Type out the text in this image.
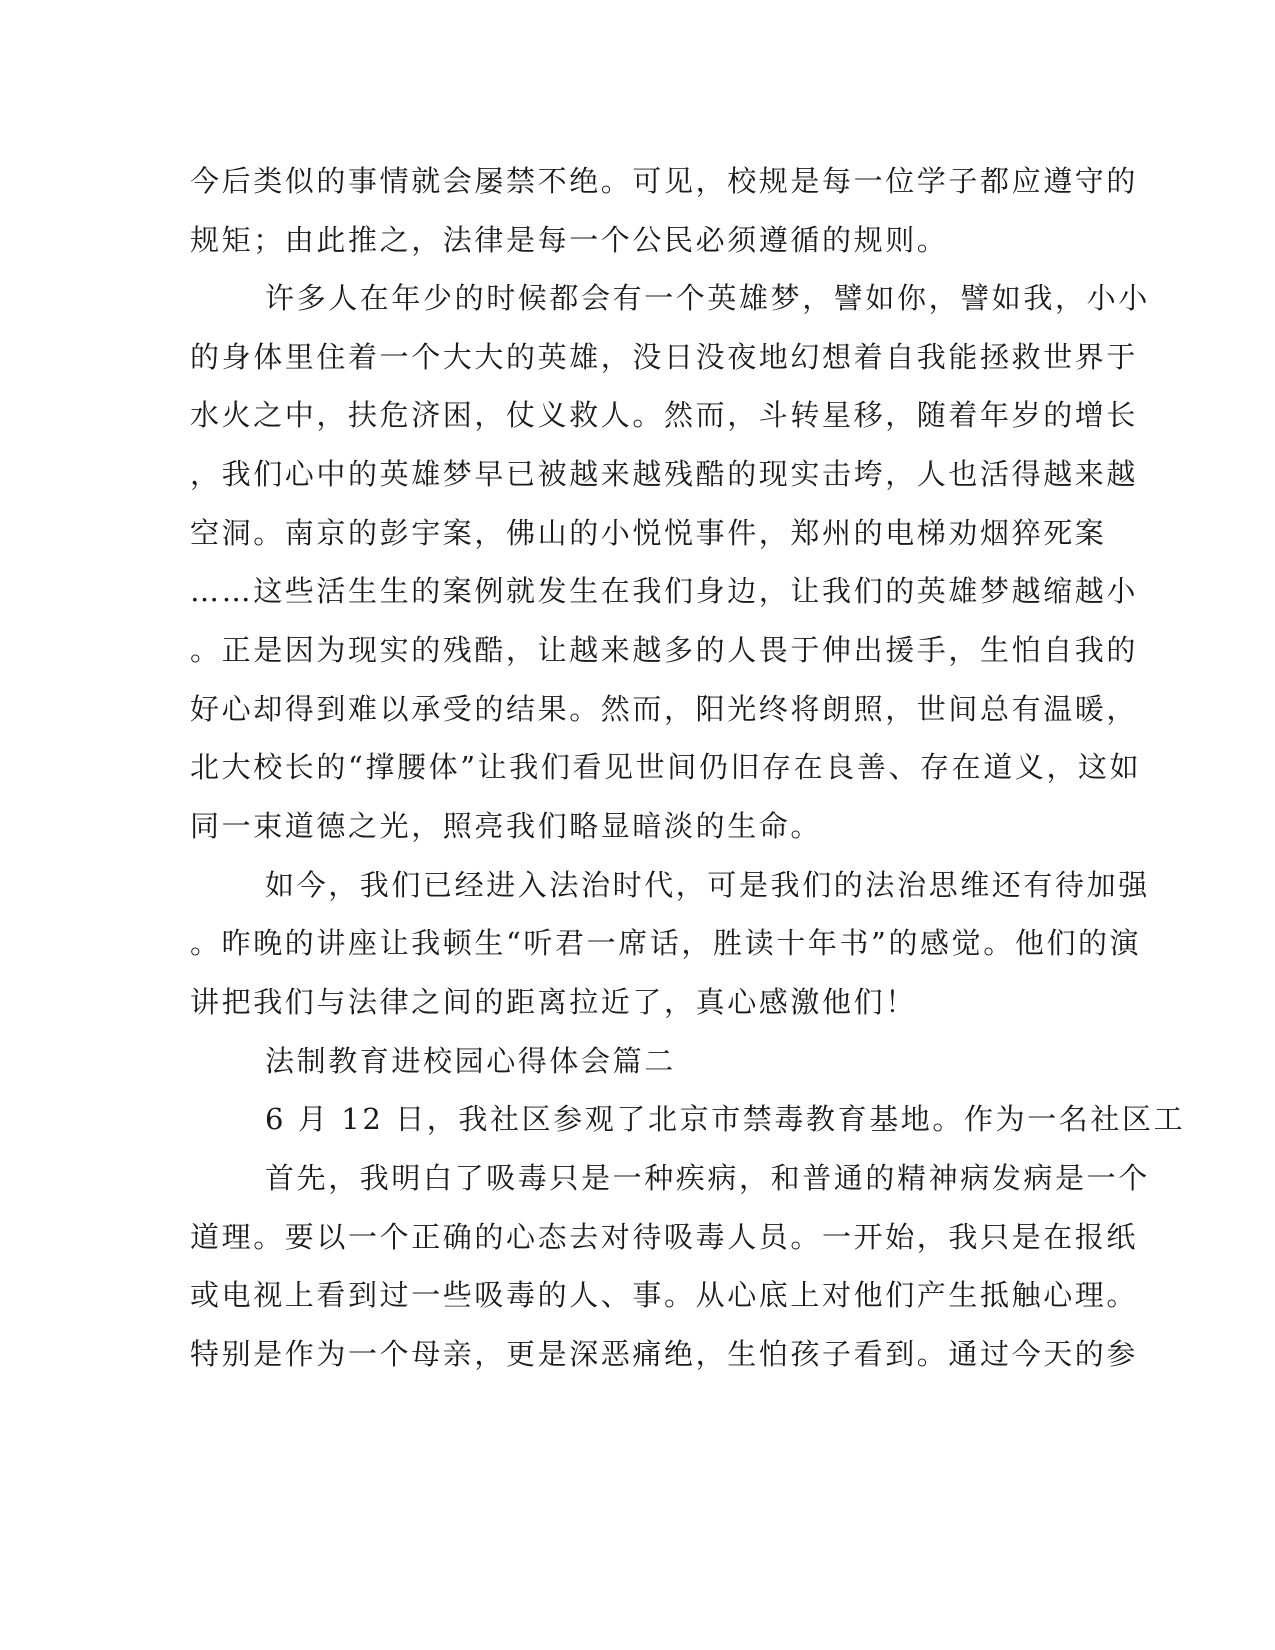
今后类似的事情就会屡禁不绝。可见，校规是每一位学子都应遵守的
规矩；由此推之，法律是每一个公民必须遵循的规则。
许多人在年少的时候都会有一个英雄梦，譬如你，譬如我，小小
的身体里住着一个大大的英雄，没日没夜地幻想着自我能拯救世界于
水火之中，扶危济困，仗义救人。然而，斗转星移，随着年岁的增长
，我们心中的英雄梦早已被越来越残酷的现实击垮，人也活得越来越
空洞。南京的彭宇案，佛山的小悦悦事件，郑州的电梯劝烟猝死案
……这些活生生的案例就发生在我们身边，让我们的英雄梦越缩越小
。正是因为现实的残酷，让越来越多的人畏于伸出援手，生怕自我的
好心却得到难以承受的结果。然而，阳光终将朗照，世间总有温暖，
北大校长的“撑腰体”让我们看见世间仍旧存在良善、存在道义，这如
同一束道德之光，照亮我们略显暗淡的生命。
如今，我们已经进入法治时代，可是我们的法治思维还有待加强
。昨晚的讲座让我顿生“听君一席话，胜读十年书”的感觉。他们的演
讲把我们与法律之间的距离拉近了，真心感激他们！
法制教育进校园心得体会篇二
6 月 12 日，我社区参观了北京市禁毒教育基地。作为一名社区工
首先，我明白了吸毒只是一种疾病，和普通的精神病发病是一个
道理。要以一个正确的心态去对待吸毒人员。一开始，我只是在报纸
或电视上看到过一些吸毒的人、事。从心底上对他们产生抵触心理。
特别是作为一个母亲，更是深恶痛绝，生怕孩子看到。通过今天的参
